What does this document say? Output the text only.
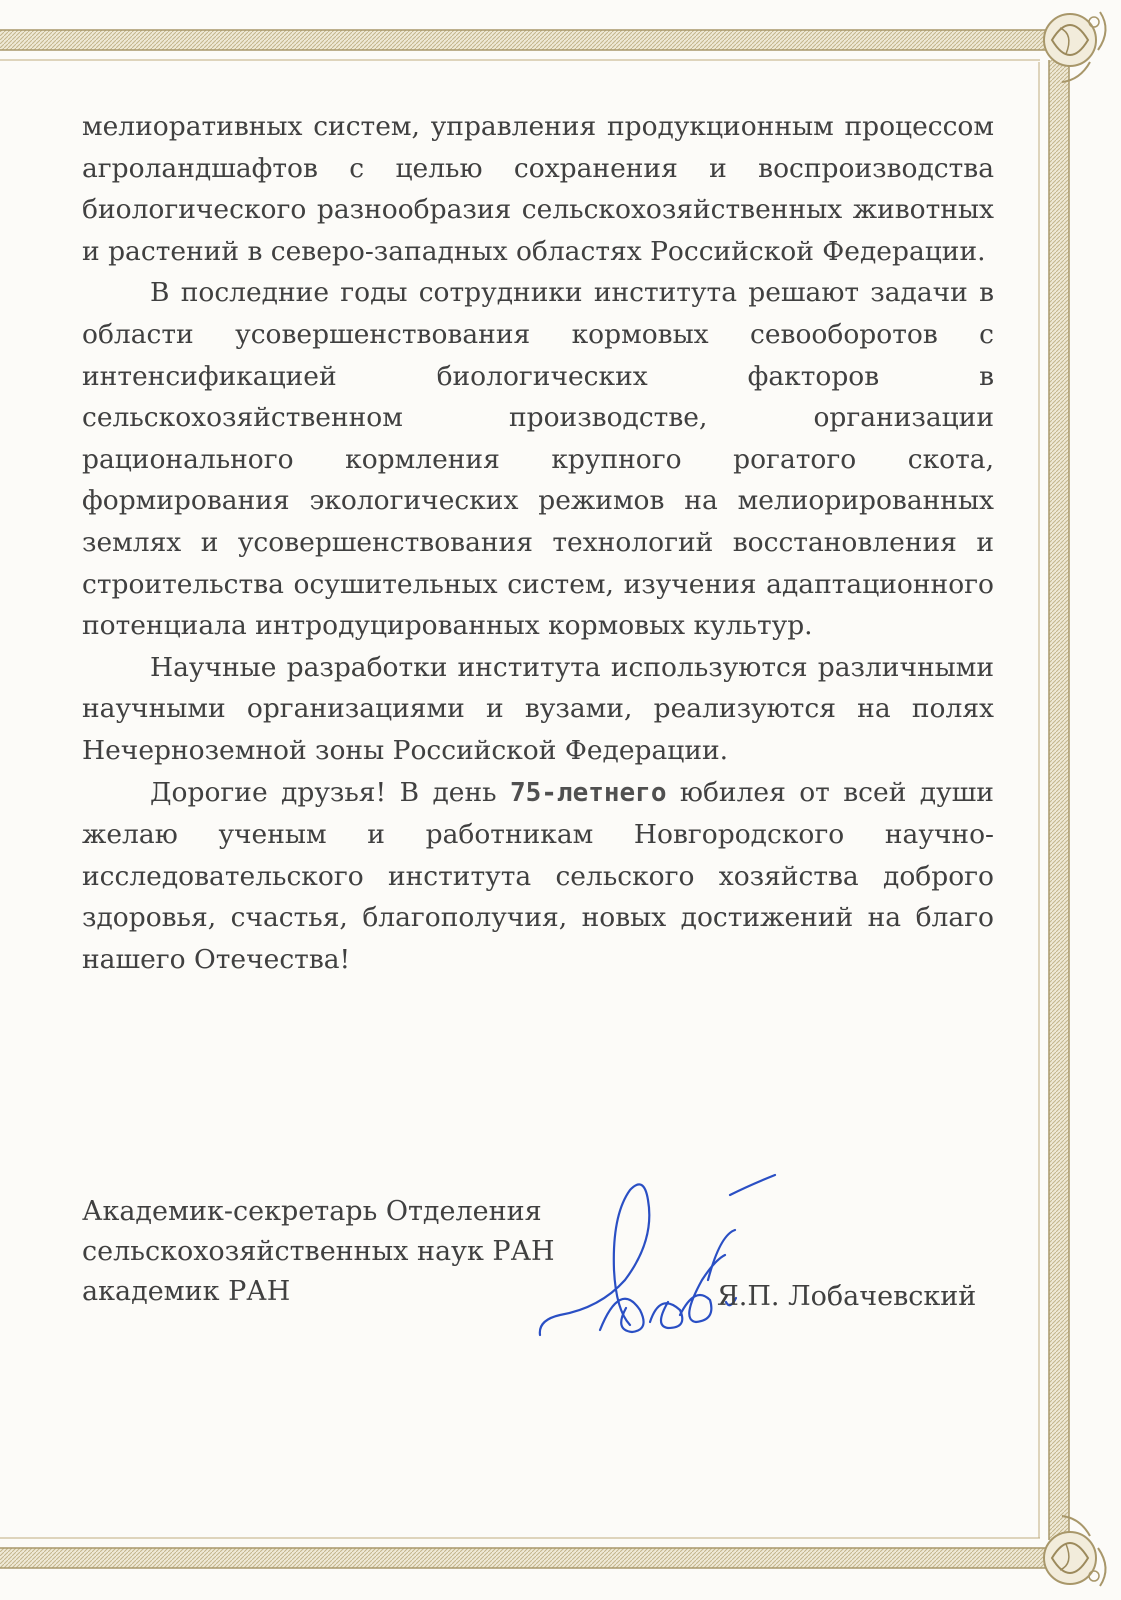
мелиоративных систем, управления продукционным процессом агроландшафтов с целью сохранения и воспроизводства биологического разнообразия сельскохозяйственных животных и растений в северо-западных областях Российской Федерации.

В последние годы сотрудники института решают задачи в области усовершенствования кормовых севооборотов с интенсификацией биологических факторов в сельскохозяйственном производстве, организации рационального кормления крупного рогатого скота, формирования экологических режимов на мелиорированных землях и усовершенствования технологий восстановления и строительства осушительных систем, изучения адаптационного потенциала интродуцированных кормовых культур.

Научные разработки института используются различными научными организациями и вузами, реализуются на полях Нечерноземной зоны Российской Федерации.

Дорогие друзья! В день 75-летнего юбилея от всей души желаю ученым и работникам Новгородского научно-исследовательского института сельского хозяйства доброго здоровья, счастья, благополучия, новых достижений на благо нашего Отечества!

Академик-секретарь Отделения
сельскохозяйственных наук РАН
академик РАН	Я.П. Лобачевский
